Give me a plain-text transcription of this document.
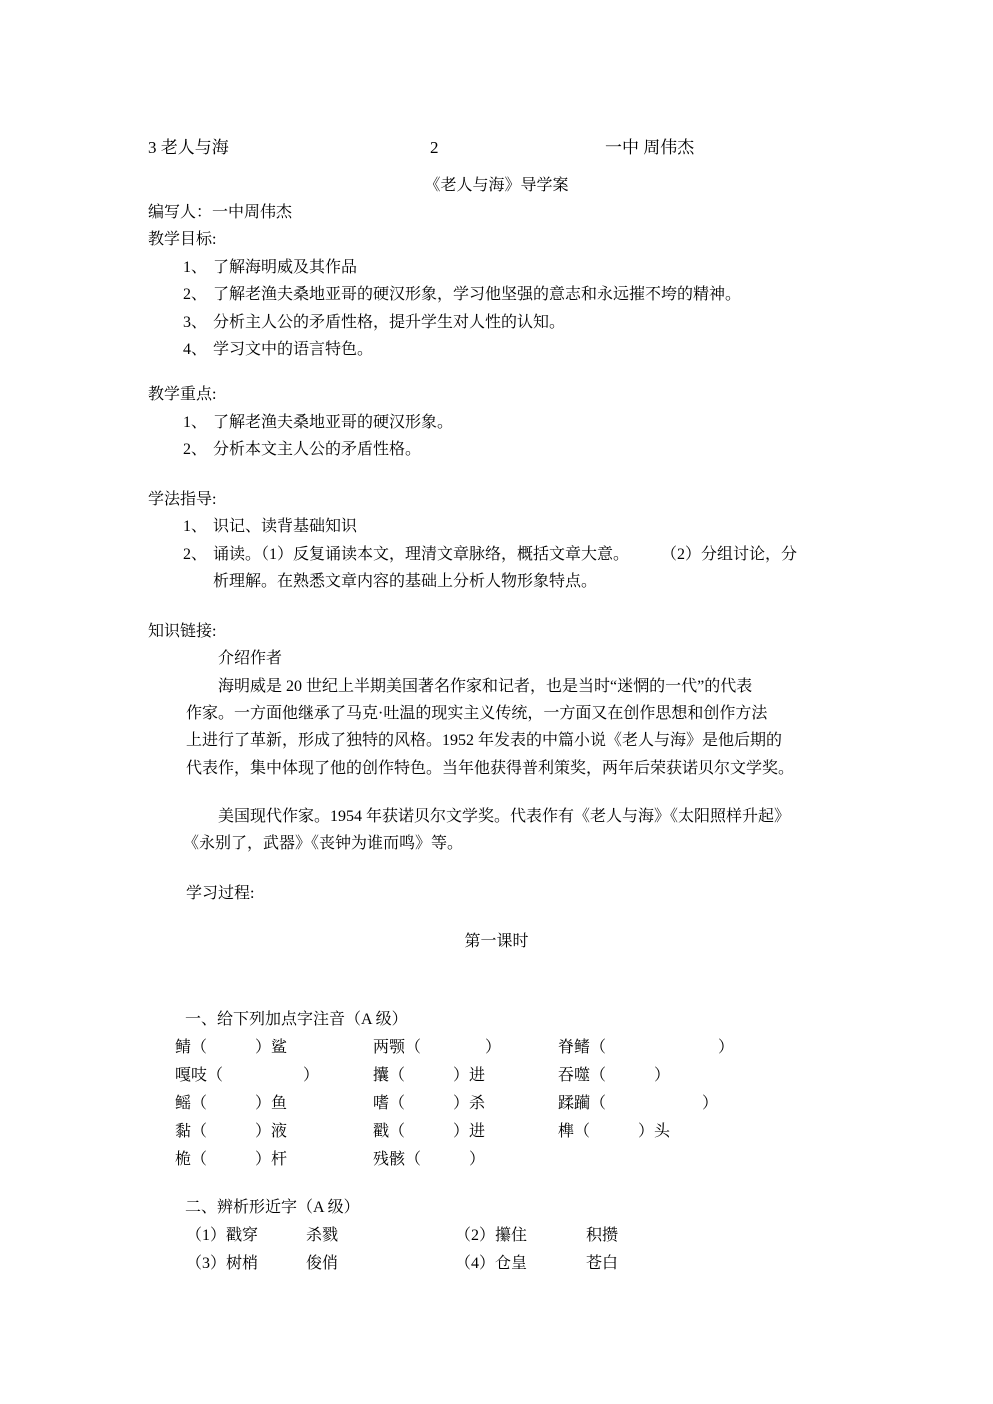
3 老人与海	2	一中 周伟杰
《老人与海》导学案
编写人：一中周伟杰
教学目标:
1、 了解海明威及其作品
2、 了解老渔夫桑地亚哥的硬汉形象，学习他坚强的意志和永远摧不垮的精神。
3、 分析主人公的矛盾性格，提升学生对人性的认知。
4、 学习文中的语言特色。
教学重点:
1、 了解老渔夫桑地亚哥的硬汉形象。
2、 分析本文主人公的矛盾性格。
学法指导:
1、 识记、读背基础知识
2、 诵读。（1）反复诵读本文，理清文章脉络，概括文章大意。　　　（2）分组讨论，分
析理解。在熟悉文章内容的基础上分析人物形象特点。
知识链接:
介绍作者
海明威是 20 世纪上半期美国著名作家和记者，也是当时“迷惘的一代”的代表
作家。一方面他继承了马克·吐温的现实主义传统，一方面又在创作思想和创作方法
上进行了革新，形成了独特的风格。1952 年发表的中篇小说《老人与海》是他后期的
代表作，集中体现了他的创作特色。当年他获得普利策奖，两年后荣获诺贝尔文学奖。
美国现代作家。1954 年获诺贝尔文学奖。代表作有《老人与海》《太阳照样升起》
《永别了，武器》《丧钟为谁而鸣》等。
学习过程:
第一课时
一、给下列加点字注音（A 级）
鲭（　　　）鲨	两颚（　　　　）	脊鳍（　　　　　　　）
嘎吱（　　　　　）	攮（　　　）进	吞噬（　　　）
鳐（　　　）鱼	嗜（　　　）杀	蹂躏（　　　　　　）
黏（　　　）液	戳（　　　）进	榫（　　　）头
桅（　　　）杆	残骸（　　　）
二、辨析形近字（A 级）
（1）戳穿	杀戮	（2）攥住	积攒
（3）树梢	俊俏	（4）仓皇	苍白
